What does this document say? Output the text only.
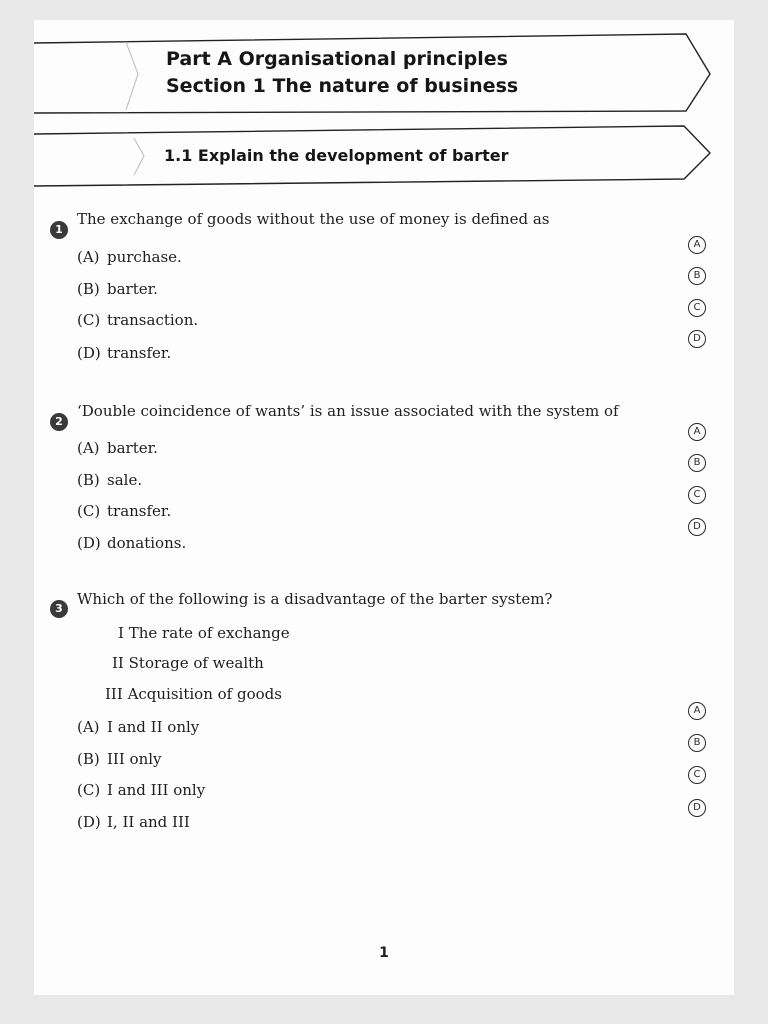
Part A Organisational principles
Section 1 The nature of business
1.1 Explain the development of barter
1
The exchange of goods without the use of money is defined as
(A) purchase.
(B) barter.
(C) transaction.
(D) transfer.
A
B
C
D
2
‘Double coincidence of wants’ is an issue associated with the system of
(A) barter.
(B) sale.
(C) transfer.
(D) donations.
A
B
C
D
3
Which of the following is a disadvantage of the barter system?
I The rate of exchange
II Storage of wealth
III Acquisition of goods
(A) I and II only
(B) III only
(C) I and III only
(D) I, II and III
A
B
C
D
1
